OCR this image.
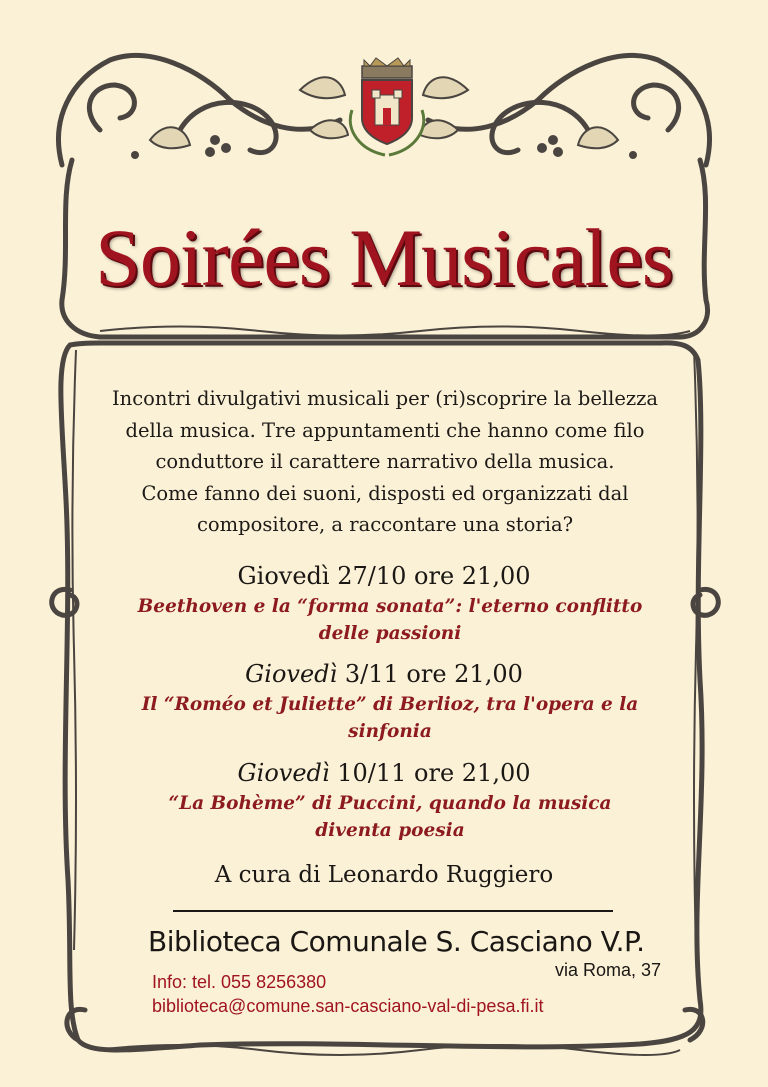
Soirées Musicales
Incontri divulgativi musicali per (ri)scoprire la bellezza
della musica. Tre appuntamenti che hanno come filo
conduttore il carattere narrativo della musica.
Come fanno dei suoni, disposti ed organizzati dal
compositore, a raccontare una storia?
Giovedì 27/10 ore 21,00
Beethoven e la “forma sonata”: l'eterno conflitto
delle passioni
Giovedì 3/11 ore 21,00
Il “Roméo et Juliette” di Berlioz, tra l'opera e la
sinfonia
Giovedì 10/11 ore 21,00
“La Bohème” di Puccini, quando la musica
diventa poesia
A cura di Leonardo Ruggiero
Biblioteca Comunale S. Casciano V.P.
via Roma, 37
Info: tel. 055 8256380
biblioteca@comune.san-casciano-val-di-pesa.fi.it
